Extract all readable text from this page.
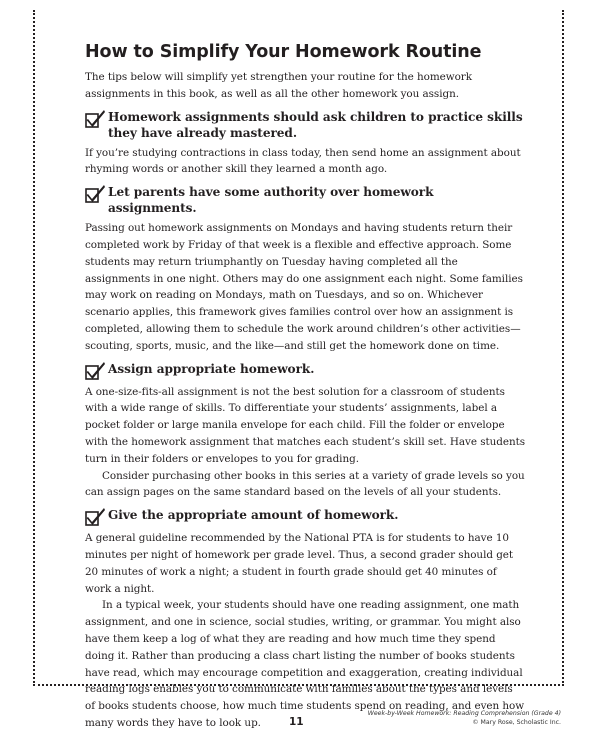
How to Simplify Your Homework Routine

The tips below will simplify yet strengthen your routine for the homework assignments in this book, as well as all the other homework you assign.

Homework assignments should ask children to practice skills they have already mastered.

If you’re studying contractions in class today, then send home an assignment about rhyming words or another skill they learned a month ago.

Let parents have some authority over homework assignments.

Passing out homework assignments on Mondays and having students return their completed work by Friday of that week is a flexible and effective approach. Some students may return triumphantly on Tuesday having completed all the assignments in one night. Others may do one assignment each night. Some families may work on reading on Mondays, math on Tuesdays, and so on. Whichever scenario applies, this framework gives families control over how an assignment is completed, allowing them to schedule the work around children’s other activities—scouting, sports, music, and the like—and still get the homework done on time.

Assign appropriate homework.

A one-size-fits-all assignment is not the best solution for a classroom of students with a wide range of skills. To differentiate your students’ assignments, label a pocket folder or large manila envelope for each child. Fill the folder or envelope with the homework assignment that matches each student’s skill set. Have students turn in their folders or envelopes to you for grading.

Consider purchasing other books in this series at a variety of grade levels so you can assign pages on the same standard based on the levels of all your students.

Give the appropriate amount of homework.

A general guideline recommended by the National PTA is for students to have 10 minutes per night of homework per grade level. Thus, a second grader should get 20 minutes of work a night; a student in fourth grade should get 40 minutes of work a night.

In a typical week, your students should have one reading assignment, one math assignment, and one in science, social studies, writing, or grammar. You might also have them keep a log of what they are reading and how much time they spend doing it. Rather than producing a class chart listing the number of books students have read, which may encourage competition and exaggeration, creating individual reading logs enables you to communicate with families about the types and levels of books students choose, how much time students spend on reading, and even how many words they have to look up.	11
Week-by-Week Homework: Reading Comprehension (Grade 4)
© Mary Rose, Scholastic Inc.
